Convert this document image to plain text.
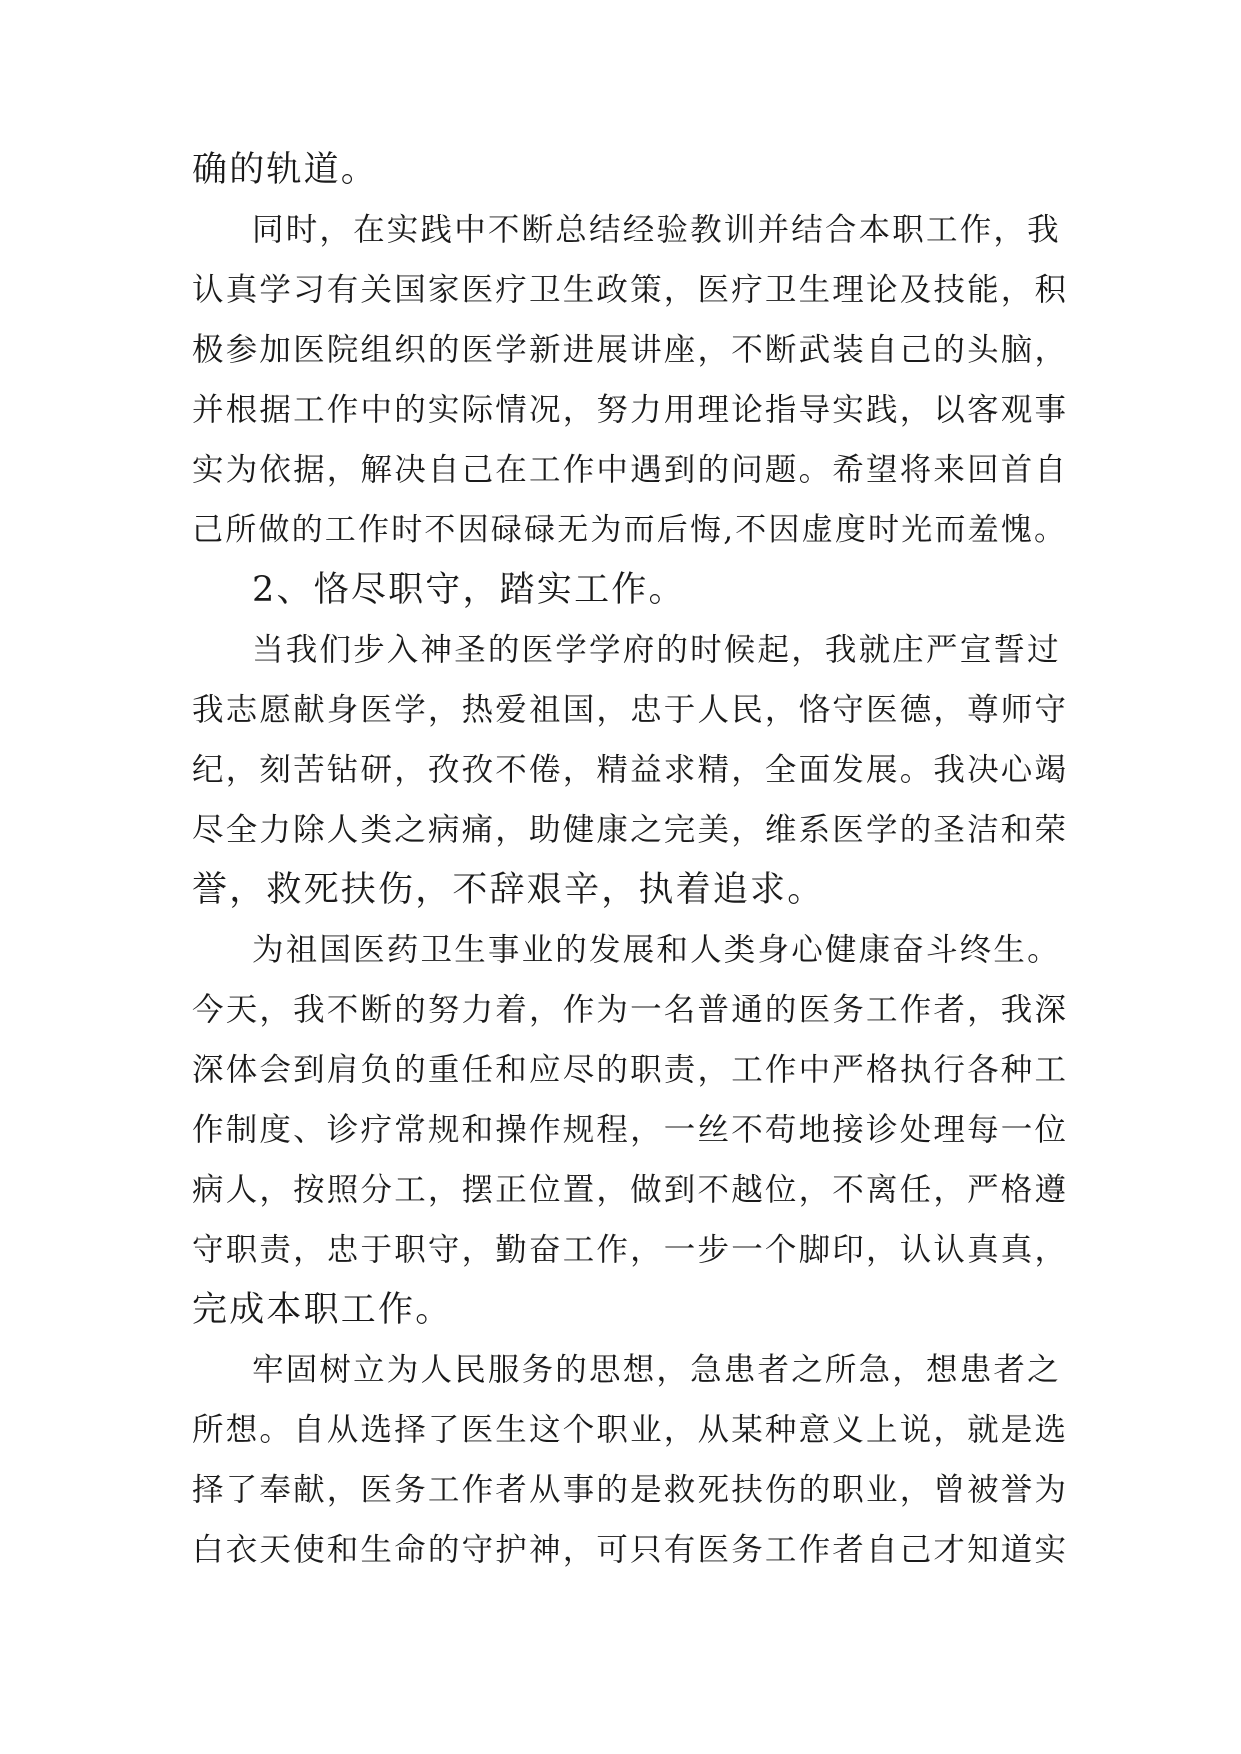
确的轨道。
同时，在实践中不断总结经验教训并结合本职工作，我
认真学习有关国家医疗卫生政策，医疗卫生理论及技能，积
极参加医院组织的医学新进展讲座，不断武装自己的头脑，
并根据工作中的实际情况，努力用理论指导实践，以客观事
实为依据，解决自己在工作中遇到的问题。希望将来回首自
己所做的工作时不因碌碌无为而后悔,不因虚度时光而羞愧。
2、恪尽职守，踏实工作。
当我们步入神圣的医学学府的时候起，我就庄严宣誓过
我志愿献身医学，热爱祖国，忠于人民，恪守医德，尊师守
纪，刻苦钻研，孜孜不倦，精益求精，全面发展。我决心竭
尽全力除人类之病痛，助健康之完美，维系医学的圣洁和荣
誉，救死扶伤，不辞艰辛，执着追求。
为祖国医药卫生事业的发展和人类身心健康奋斗终生。
今天，我不断的努力着，作为一名普通的医务工作者，我深
深体会到肩负的重任和应尽的职责，工作中严格执行各种工
作制度、诊疗常规和操作规程，一丝不苟地接诊处理每一位
病人，按照分工，摆正位置，做到不越位，不离任，严格遵
守职责，忠于职守，勤奋工作，一步一个脚印，认认真真，
完成本职工作。
牢固树立为人民服务的思想，急患者之所急，想患者之
所想。自从选择了医生这个职业，从某种意义上说，就是选
择了奉献，医务工作者从事的是救死扶伤的职业，曾被誉为
白衣天使和生命的守护神，可只有医务工作者自己才知道实
